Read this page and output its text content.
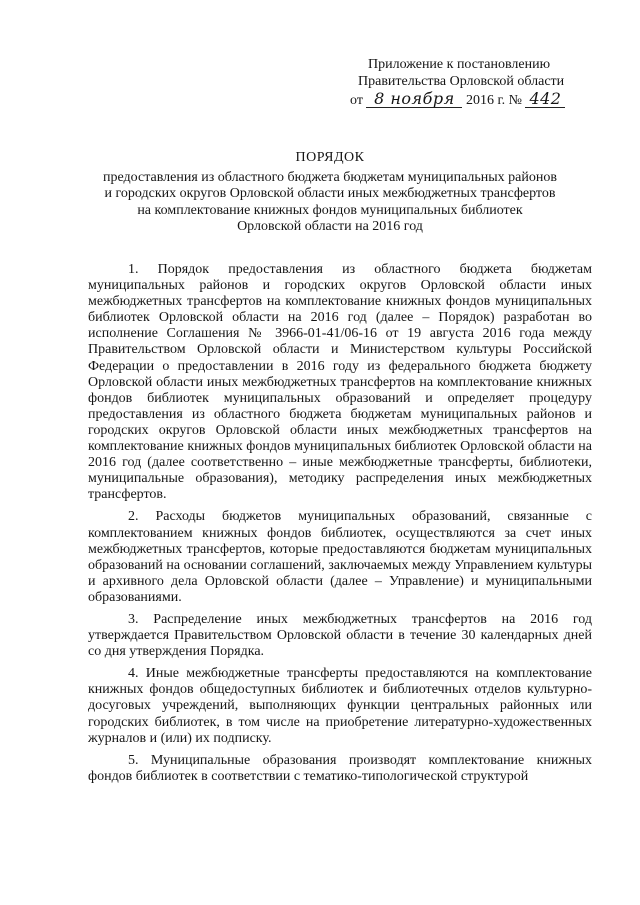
Приложение к постановлению
Правительства Орловской области
от 8 ноября 2016 г. № 442
ПОРЯДОК
предоставления из областного бюджета бюджетам муниципальных районов
и городских округов Орловской области иных межбюджетных трансфертов
на комплектование книжных фондов муниципальных библиотек
Орловской области на 2016 год

1. Порядок предоставления из областного бюджета бюджетам муниципальных районов и городских округов Орловской области иных межбюджетных трансфертов на комплектование книжных фондов муниципальных библиотек Орловской области на 2016 год (далее – Порядок) разработан во исполнение Соглашения № 3966-01-41/06-16 от 19 августа 2016 года между Правительством Орловской области и Министерством культуры Российской Федерации о предоставлении в 2016 году из федерального бюджета бюджету Орловской области иных межбюджетных трансфертов на комплектование книжных фондов библиотек муниципальных образований и определяет процедуру предоставления из областного бюджета бюджетам муниципальных районов и городских округов Орловской области иных межбюджетных трансфертов на комплектование книжных фондов муниципальных библиотек Орловской области на 2016 год (далее соответственно – иные межбюджетные трансферты, библиотеки, муниципальные образования), методику распределения иных межбюджетных трансфертов.

2. Расходы бюджетов муниципальных образований, связанные с комплектованием книжных фондов библиотек, осуществляются за счет иных межбюджетных трансфертов, которые предоставляются бюджетам муниципальных образований на основании соглашений, заключаемых между Управлением культуры и архивного дела Орловской области (далее – Управление) и муниципальными образованиями.

3. Распределение иных межбюджетных трансфертов на 2016 год утверждается Правительством Орловской области в течение 30 календарных дней со дня утверждения Порядка.

4. Иные межбюджетные трансферты предоставляются на комплектование книжных фондов общедоступных библиотек и библиотечных отделов культурно-досуговых учреждений, выполняющих функции центральных районных или городских библиотек, в том числе на приобретение литературно-художественных журналов и (или) их подписку.

5. Муниципальные образования производят комплектование книжных фондов библиотек в соответствии с тематико-типологической структурой
